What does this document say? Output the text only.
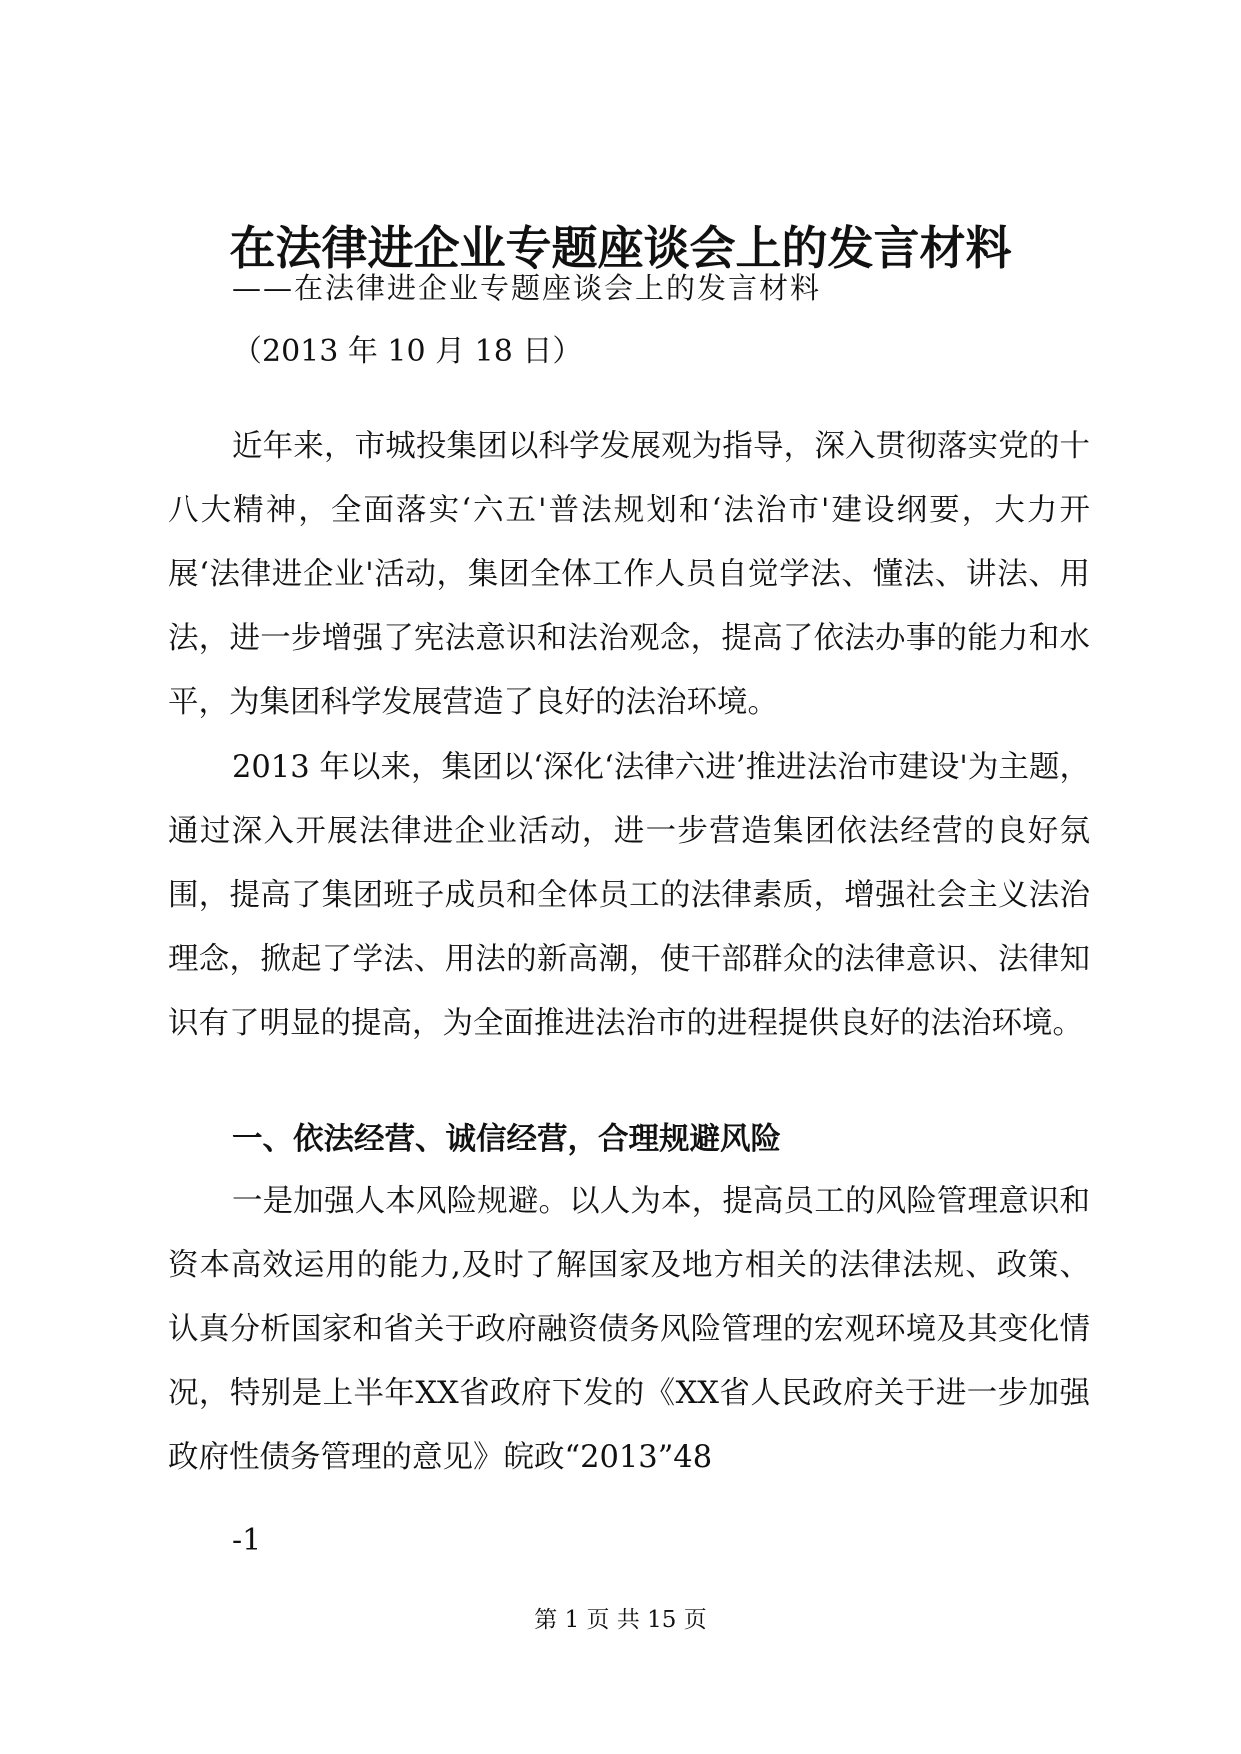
在法律进企业专题座谈会上的发言材料
——在法律进企业专题座谈会上的发言材料
（2013 年 10 月 18 日）

近年来，市城投集团以科学发展观为指导，深入贯彻落实党的十八大精神，全面落实‘六五'普法规划和‘法治市'建设纲要，大力开展‘法律进企业'活动，集团全体工作人员自觉学法、懂法、讲法、用法，进一步增强了宪法意识和法治观念，提高了依法办事的能力和水平，为集团科学发展营造了良好的法治环境。

2013 年以来，集团以‘深化‘法律六进’推进法治市建设'为主题，通过深入开展法律进企业活动，进一步营造集团依法经营的良好氛围，提高了集团班子成员和全体员工的法律素质，增强社会主义法治理念，掀起了学法、用法的新高潮，使干部群众的法律意识、法律知识有了明显的提高，为全面推进法治市的进程提供良好的法治环境。

一、依法经营、诚信经营，合理规避风险

一是加强人本风险规避。以人为本，提高员工的风险管理意识和资本高效运用的能力,及时了解国家及地方相关的法律法规、政策、认真分析国家和省关于政府融资债务风险管理的宏观环境及其变化情况，特别是上半年XX省政府下发的《XX省人民政府关于进一步加强政府性债务管理的意见》皖政“2013”48

-1
第 1 页 共 15 页
